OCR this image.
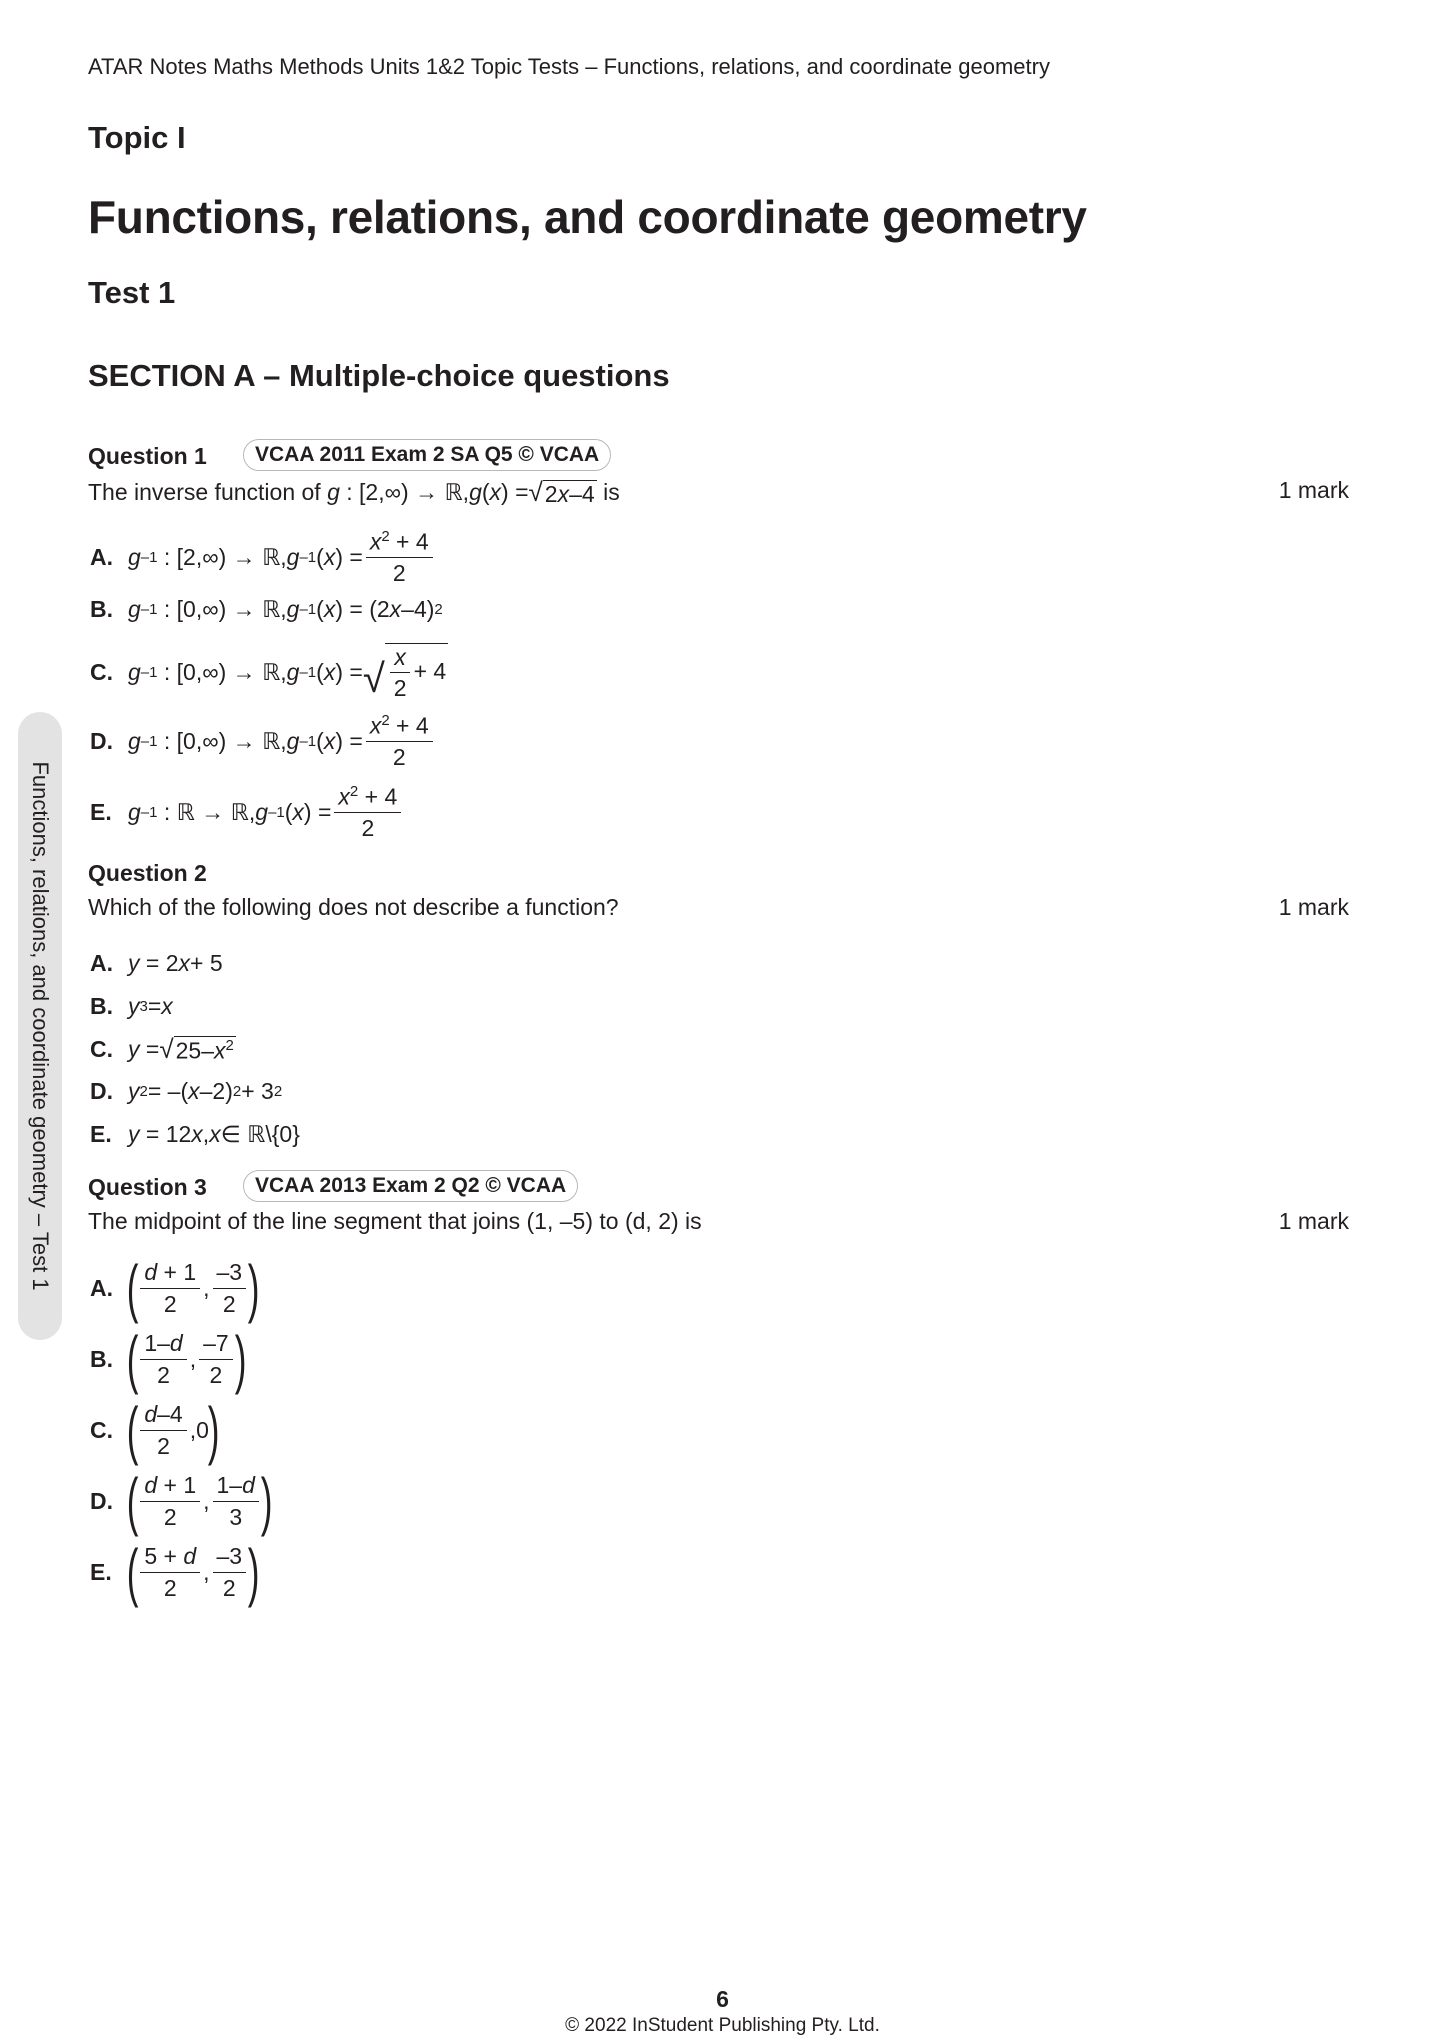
ATAR Notes Maths Methods Units 1&2 Topic Tests – Functions, relations, and coordinate geometry
Topic I
Functions, relations, and coordinate geometry
Test 1
SECTION A – Multiple-choice questions
Functions, relations, and coordinate geometry – Test 1
Question 1	VCAA 2011 Exam 2 SA Q5 © VCAA
The inverse function of g : [2,∞) → ℝ, g ( x ) = √ 2x–4 is	1 mark
A. g –1 : [2,∞) → ℝ, g –1 ( x ) = $\frac{x^2 + 4}{2}$
B. g –1 : [0,∞) → ℝ, g –1 ( x ) = (2 x –4) 2
C. g –1 : [0,∞) → ℝ, g –1 ( x ) = √ $\frac{x}{2} + 4$
D. g –1 : [0,∞) → ℝ, g –1 ( x ) = $\frac{x^2 + 4}{2}$
E. g –1 : ℝ → ℝ, g –1 ( x ) = $\frac{x^2 + 4}{2}$
Question 2
Which of the following does not describe a function?	1 mark
A. y = 2 x + 5
B. y 3 = x
C. y = √ $25-x^2$
D. y 2 = –( x –2) 2 + 3 2
E. y = 12 x , x ∈ ℝ\{0}
Question 3	VCAA 2013 Exam 2 Q2 © VCAA
The midpoint of the line segment that joins (1, –5) to (d, 2) is	1 mark
A. ( $\frac{d + 1}{2}$ , $\frac{-3}{2}$ )
B. ( $\frac{1-d}{2}$ , $\frac{-7}{2}$ )
C. ( $\frac{d-4}{2} ,0$
)
D. ( $\frac{d + 1}{2}$ , $\frac{1-d}{3}$ )
E. ( $\frac{5 + d}{2}$ , $\frac{-3}{2}$ )
6
© 2022 InStudent Publishing Pty. Ltd.
